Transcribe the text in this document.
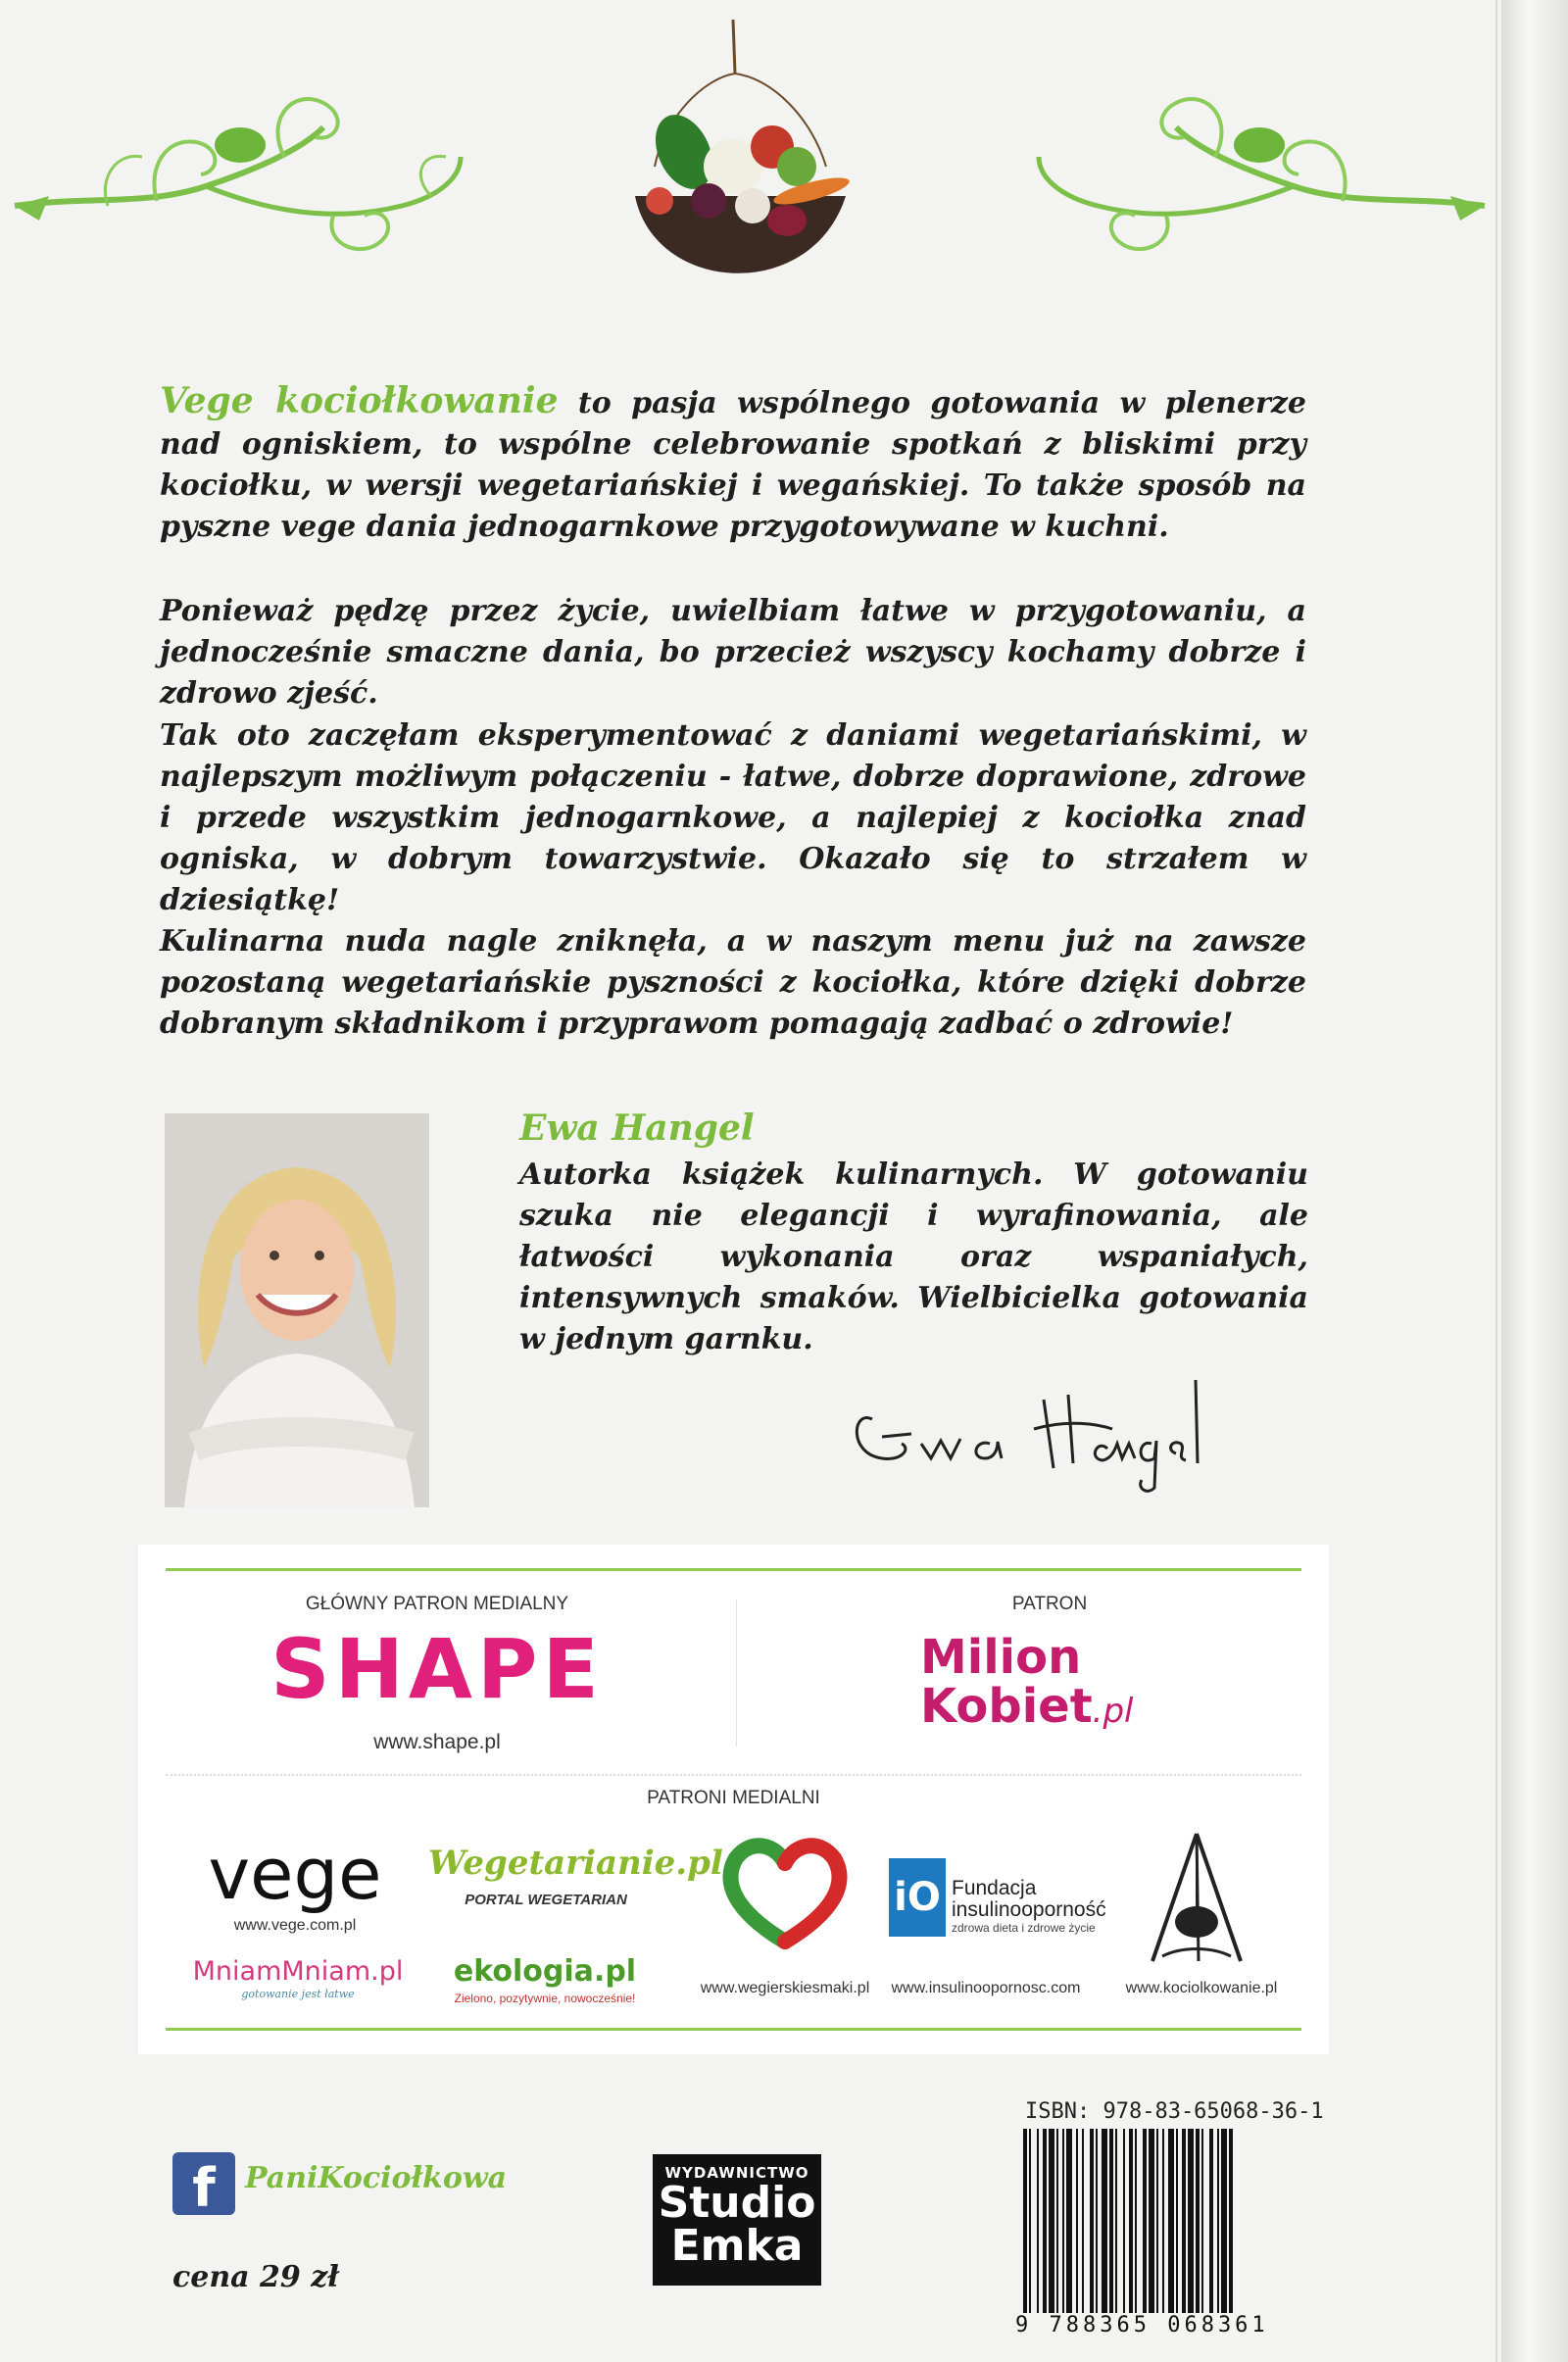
Vege kociołkowanie to pasja wspólnego gotowania w plenerze nad ogniskiem, to wspólne celebrowanie spotkań z bliskimi przy kociołku, w wersji wegetariańskiej i wegańskiej. To także sposób na pyszne vege dania jednogarnkowe przygotowywane w kuchni.
Ponieważ pędzę przez życie, uwielbiam łatwe w przygotowaniu, a jednocześnie smaczne dania, bo przecież wszyscy kochamy dobrze i zdrowo zjeść.
Tak oto zaczęłam eksperymentować z daniami wegetariańskimi, w najlepszym możliwym połączeniu - łatwe, dobrze doprawione, zdrowe i przede wszystkim jednogarnkowe, a najlepiej z kociołka znad ogniska, w dobrym towarzystwie. Okazało się to strzałem w dziesiątkę!
Kulinarna nuda nagle zniknęła, a w naszym menu już na zawsze pozostaną wegetariańskie pyszności z kociołka, które dzięki dobrze dobranym składnikom i przyprawom pomagają zadbać o zdrowie!
Ewa Hangel
Autorka książek kulinarnych. W gotowaniu szuka nie elegancji i wyrafinowania, ale łatwości wykonania oraz wspaniałych, intensywnych smaków. Wielbicielka gotowania w jednym garnku.
GŁÓWNY PATRON MEDIALNY
SHAPE
www.shape.pl
PATRON
Milion
Kobiet.pl
PATRONI MEDIALNI
vege
www.vege.com.pl
Wegetarianie.pl
PORTAL WEGETARIAN
MniamMniam.pl
gotowanie jest łatwe
ekologia.pl
Zielono, pozytywnie, nowocześnie!
www.wegierskiesmaki.pl
iO Fundacja
insulinooporność
zdrowa dieta i zdrowe życie
www.insulinoopornosc.com	www.kociolkowanie.pl
f	PaniKociołkowa
cena 29 zł
WYDAWNICTWO
Studio
Emka
ISBN: 978-83-65068-36-1
9 788365 068361
